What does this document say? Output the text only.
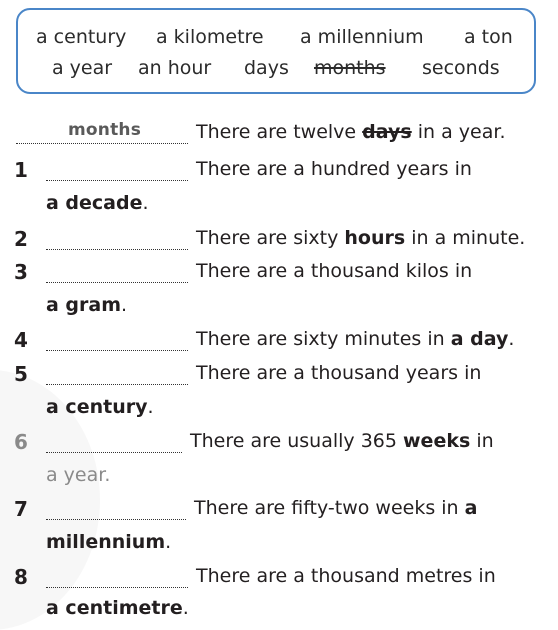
a century a kilometre a millennium a ton
a year an hour days months seconds
months	There are twelve days in a year.
1	There are a hundred years in
a decade.
2	There are sixty hours in a minute.
3	There are a thousand kilos in
a gram.
4	There are sixty minutes in a day.
5	There are a thousand years in
a century.
6	There are usually 365 weeks in
a year.
7	There are fifty-two weeks in a
millennium.
8	There are a thousand metres in
a centimetre.
